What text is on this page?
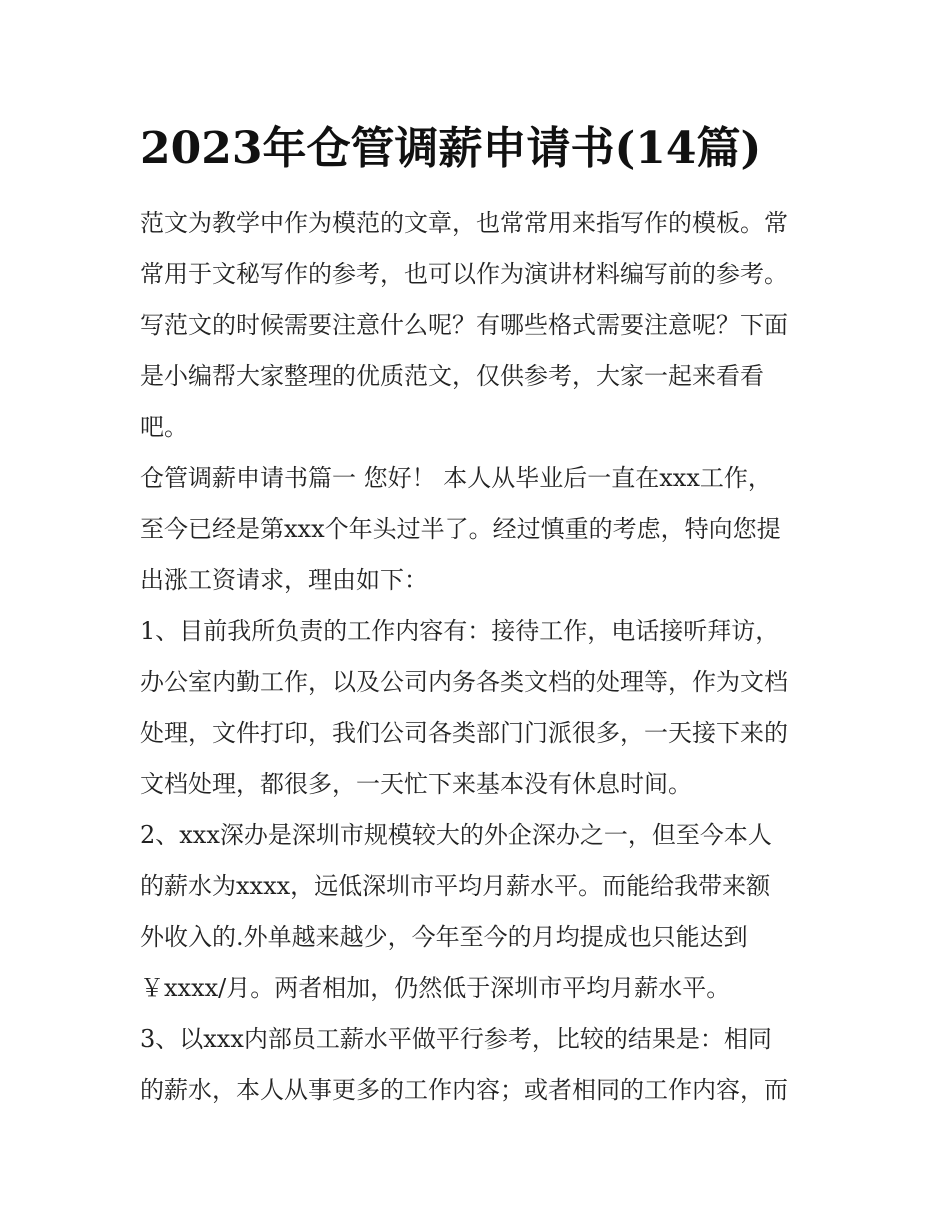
2023年仓管调薪申请书(14篇)
范文为教学中作为模范的文章，也常常用来指写作的模板。常
常用于文秘写作的参考，也可以作为演讲材料编写前的参考。
写范文的时候需要注意什么呢？有哪些格式需要注意呢？下面
是小编帮大家整理的优质范文，仅供参考，大家一起来看看
吧。
仓管调薪申请书篇一 您好！ 本人从毕业后一直在xxx工作，
至今已经是第xxx个年头过半了。经过慎重的考虑，特向您提
出涨工资请求，理由如下：
1、目前我所负责的工作内容有：接待工作，电话接听拜访，
办公室内勤工作，以及公司内务各类文档的处理等，作为文档
处理，文件打印，我们公司各类部门门派很多，一天接下来的
文档处理，都很多，一天忙下来基本没有休息时间。
2、xxx深办是深圳市规模较大的外企深办之一，但至今本人
的薪水为xxxx，远低深圳市平均月薪水平。而能给我带来额
外收入的.外单越来越少，今年至今的月均提成也只能达到
￥xxxx/月。两者相加，仍然低于深圳市平均月薪水平。
3、以xxx内部员工薪水平做平行参考，比较的结果是：相同
的薪水，本人从事更多的工作内容；或者相同的工作内容，而
